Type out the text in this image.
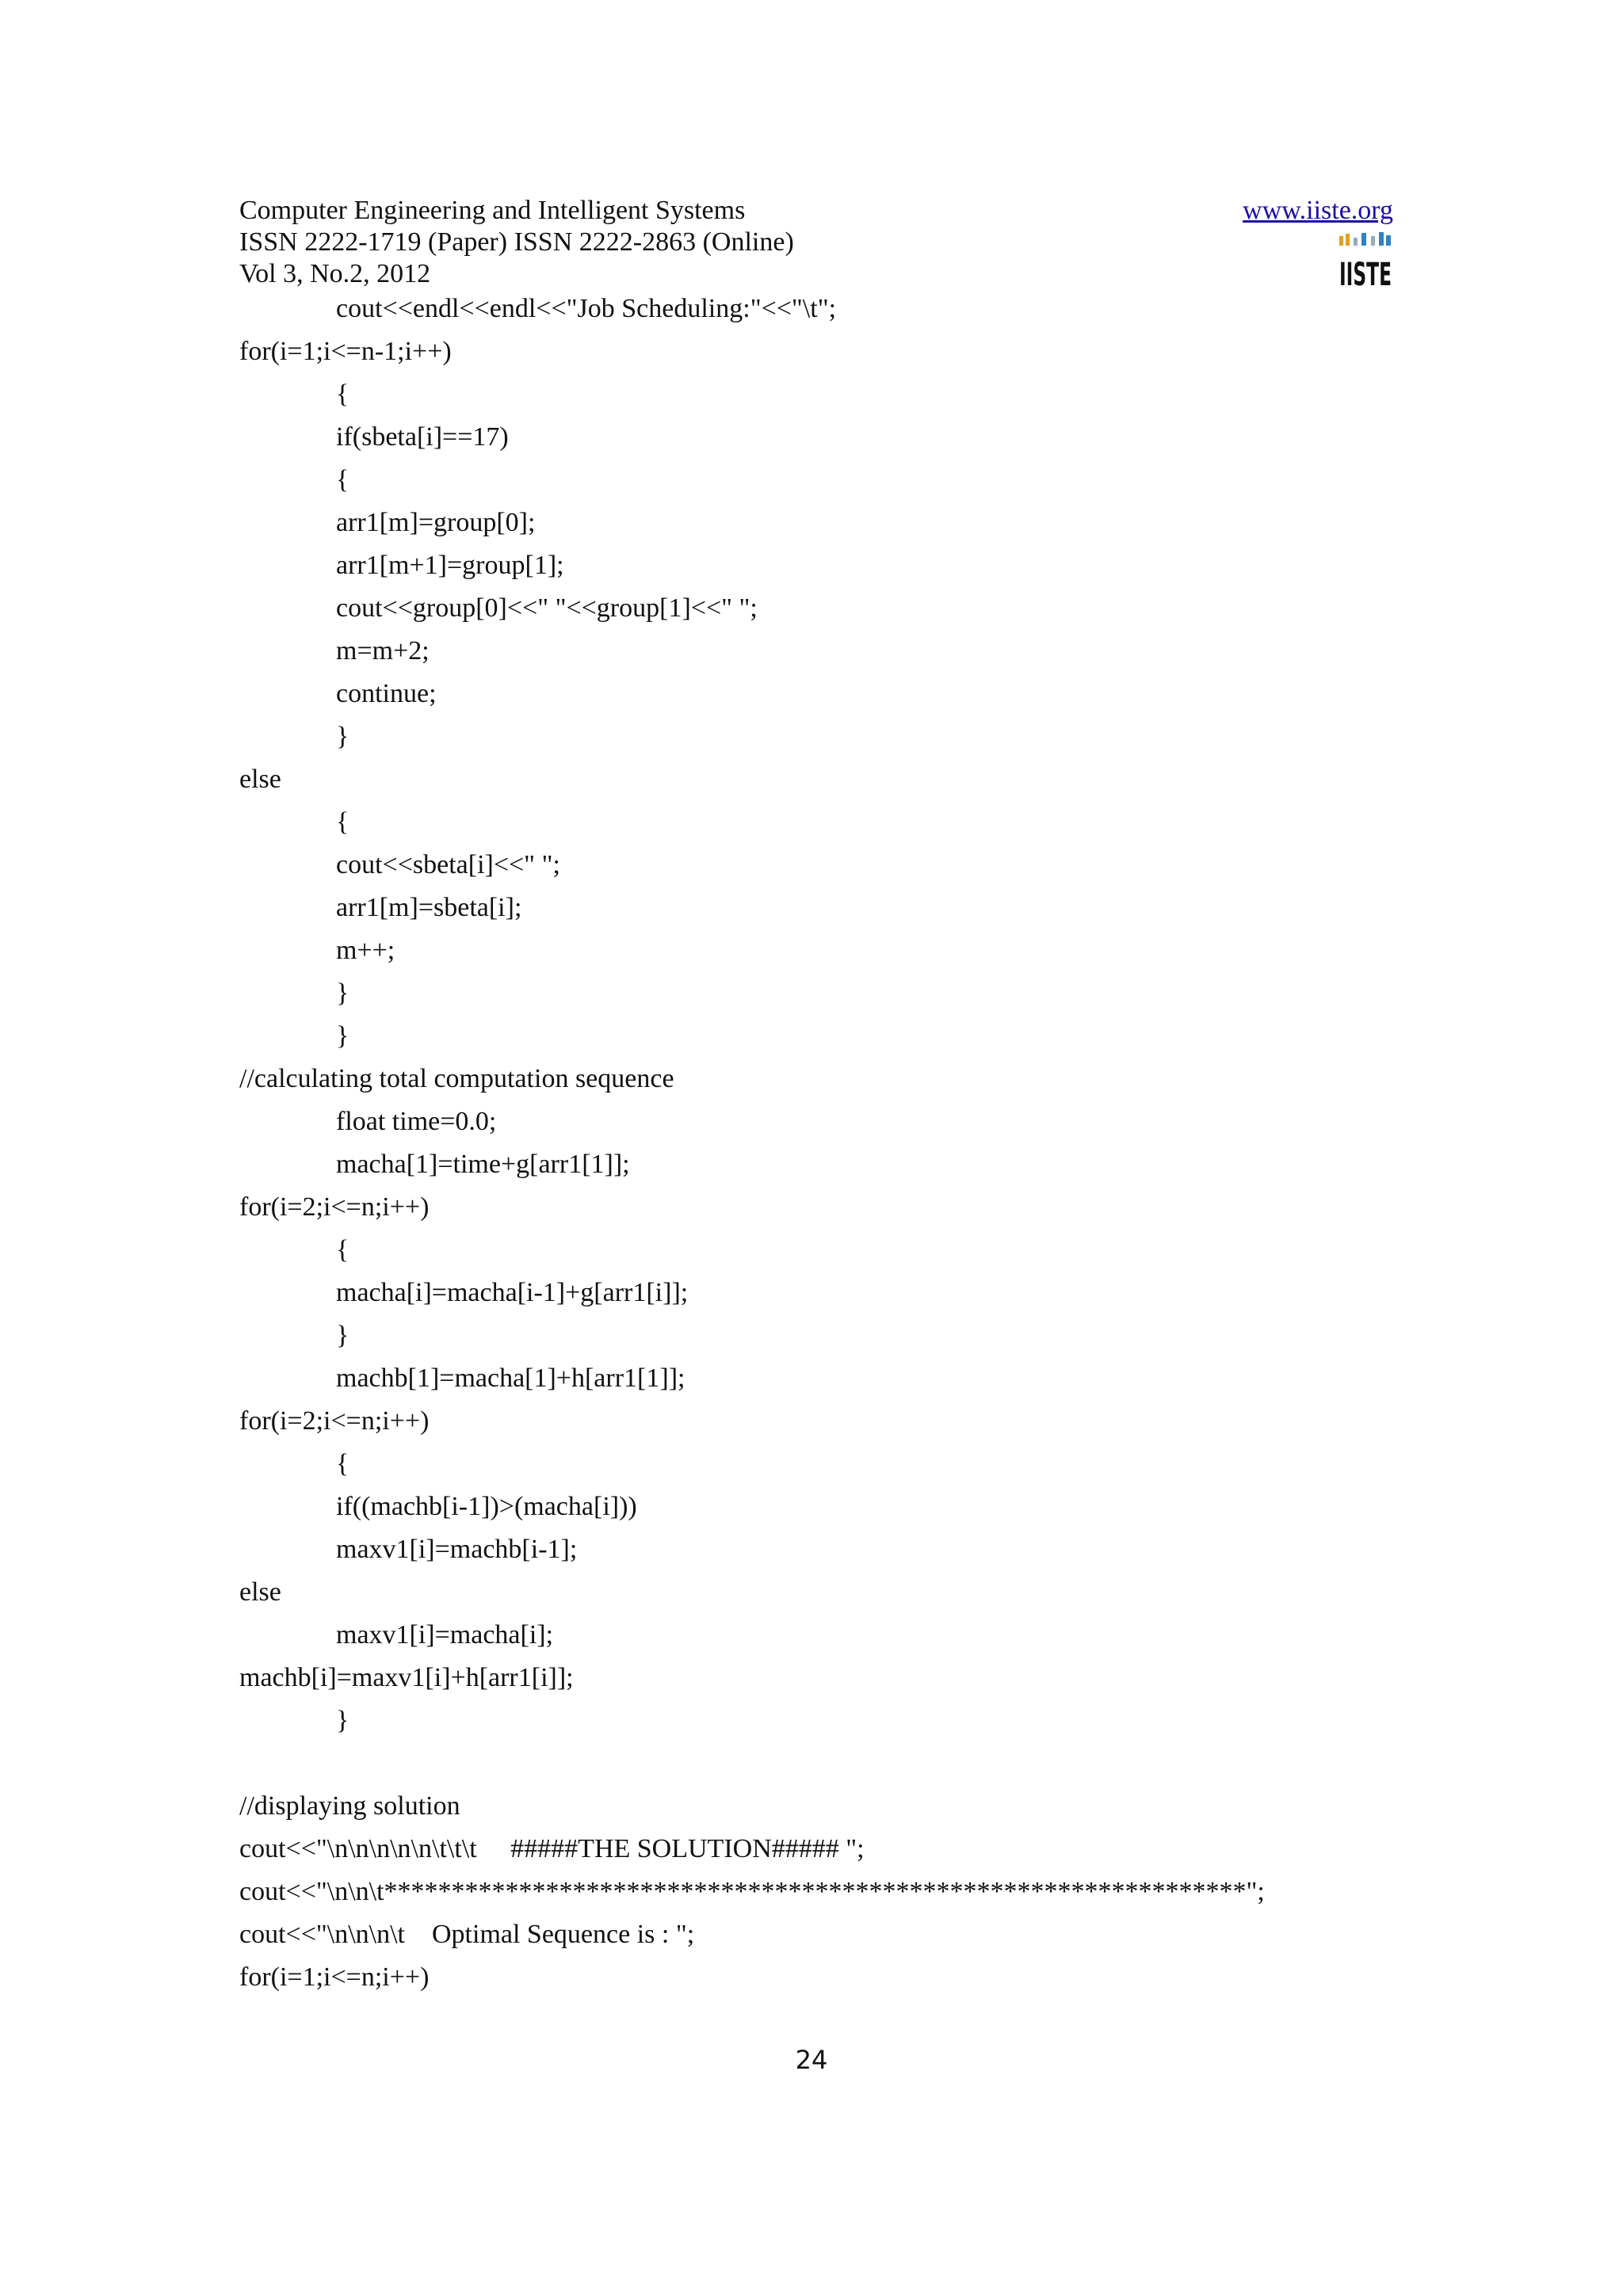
Computer Engineering and Intelligent Systems
ISSN 2222-1719 (Paper) ISSN 2222-2863 (Online)
Vol 3, No.2, 2012
www.iiste.org
IISTE
cout<<endl<<endl<<"Job Scheduling:"<<"\t";
for(i=1;i<=n-1;i++)
{
if(sbeta[i]==17)
{
arr1[m]=group[0];
arr1[m+1]=group[1];
cout<<group[0]<<" "<<group[1]<<" ";
m=m+2;
continue;
}
else
{
cout<<sbeta[i]<<" ";
arr1[m]=sbeta[i];
m++;
}
}
//calculating total computation sequence
float time=0.0;
macha[1]=time+g[arr1[1]];
for(i=2;i<=n;i++)
{
macha[i]=macha[i-1]+g[arr1[i]];
}
machb[1]=macha[1]+h[arr1[1]];
for(i=2;i<=n;i++)
{
if((machb[i-1])>(macha[i]))
maxv1[i]=machb[i-1];
else
maxv1[i]=macha[i];
machb[i]=maxv1[i]+h[arr1[i]];
}
//displaying solution
cout<<"\n\n\n\n\n\t\t\t     #####THE SOLUTION##### ";
cout<<"\n\n\t****************************************************************";
cout<<"\n\n\n\t    Optimal Sequence is : ";
for(i=1;i<=n;i++)
24
